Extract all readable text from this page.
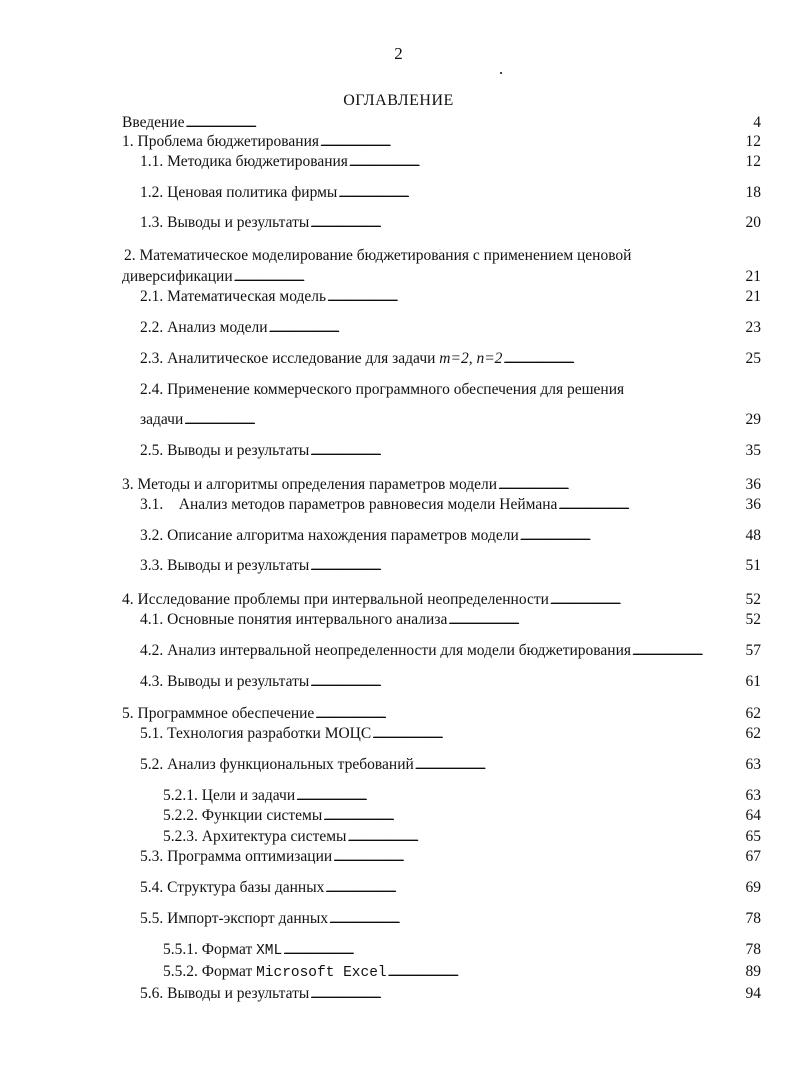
2
ОГЛАВЛЕНИЕ
Введение . . .	4
1. Проблема бюджетирования . . .	12
1.1. Методика бюджетирования . . .	12
1.2. Ценовая политика фирмы . . .	18
1.3. Выводы и результаты . . .	20
2. Математическое моделирование бюджетирования с применением ценовой
диверсификации . . .	21
2.1. Математическая модель . . .	21
2.2. Анализ модели . . .	23
2.3. Аналитическое исследование для задачи m=2, n=2 . . .	25
2.4. Применение коммерческого программного обеспечения для решения
задачи . . .	29
2.5. Выводы и результаты . . .	35
3. Методы и алгоритмы определения параметров модели . . .	36
3.1.    Анализ методов параметров равновесия модели Неймана . . .	36
3.2. Описание алгоритма нахождения параметров модели . . .	48
3.3. Выводы и результаты . . .	51
4. Исследование проблемы при интервальной неопределенности . . .	52
4.1. Основные понятия интервального анализа . . .	52
4.2. Анализ интервальной неопределенности для модели бюджетирования . . .	57
4.3. Выводы и результаты . . .	61
5. Программное обеспечение . . .	62
5.1. Технология разработки МОЦС . . .	62
5.2. Анализ функциональных требований . . .	63
5.2.1. Цели и задачи . . .	63
5.2.2. Функции системы . . .	64
5.2.3. Архитектура системы . . .	65
5.3. Программа оптимизации . . .	67
5.4. Структура базы данных . . .	69
5.5. Импорт-экспорт данных . . .	78
5.5.1. Формат XML . . .	78
5.5.2. Формат Microsoft Excel . . .	89
5.6. Выводы и результаты . . .	94
